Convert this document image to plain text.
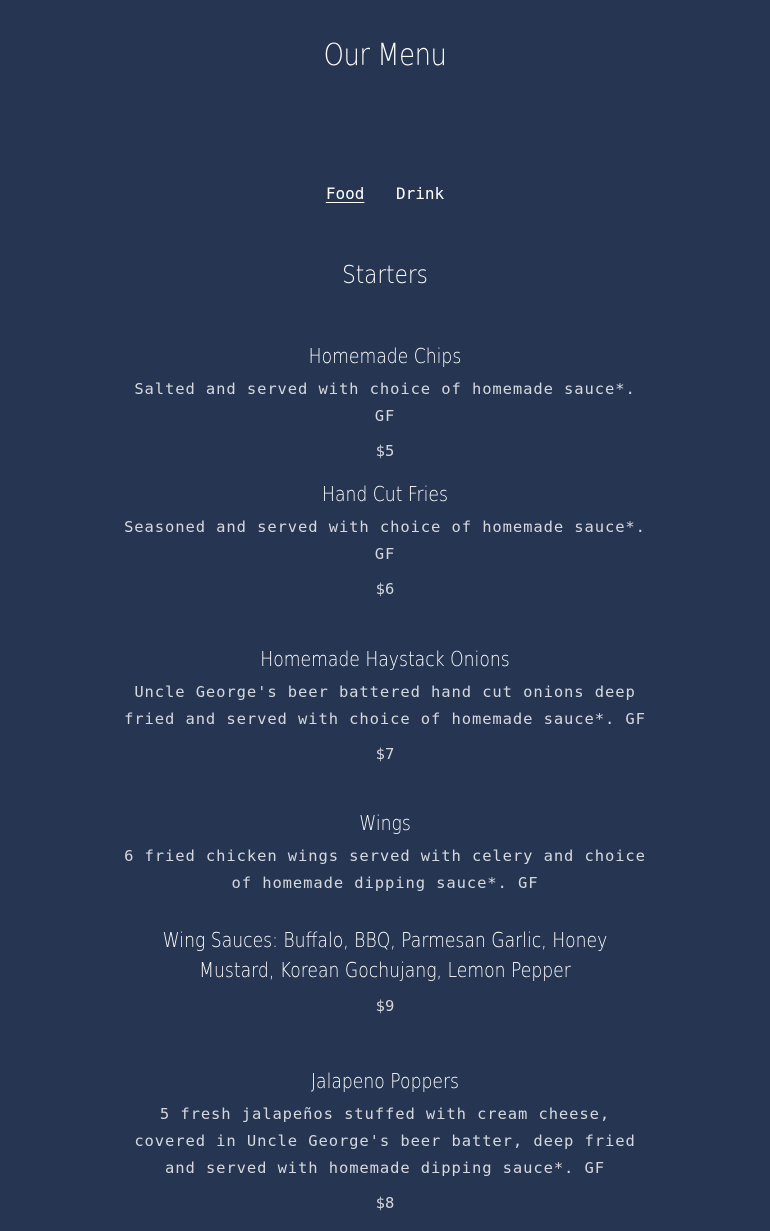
Our Menu
Food Drink
Starters
Homemade Chips
Salted and served with choice of homemade sauce*. GF
$5
Hand Cut Fries
Seasoned and served with choice of homemade sauce*. GF
$6
Homemade Haystack Onions
Uncle George's beer battered hand cut onions deep fried and served with choice of homemade sauce*. GF
$7
Wings
6 fried chicken wings served with celery and choice of homemade dipping sauce*. GF
Wing Sauces: Buffalo, BBQ, Parmesan Garlic, Honey Mustard, Korean Gochujang, Lemon Pepper
$9
Jalapeno Poppers
5 fresh jalapeños stuffed with cream cheese, covered in Uncle George's beer batter, deep fried and served with homemade dipping sauce*. GF
$8
